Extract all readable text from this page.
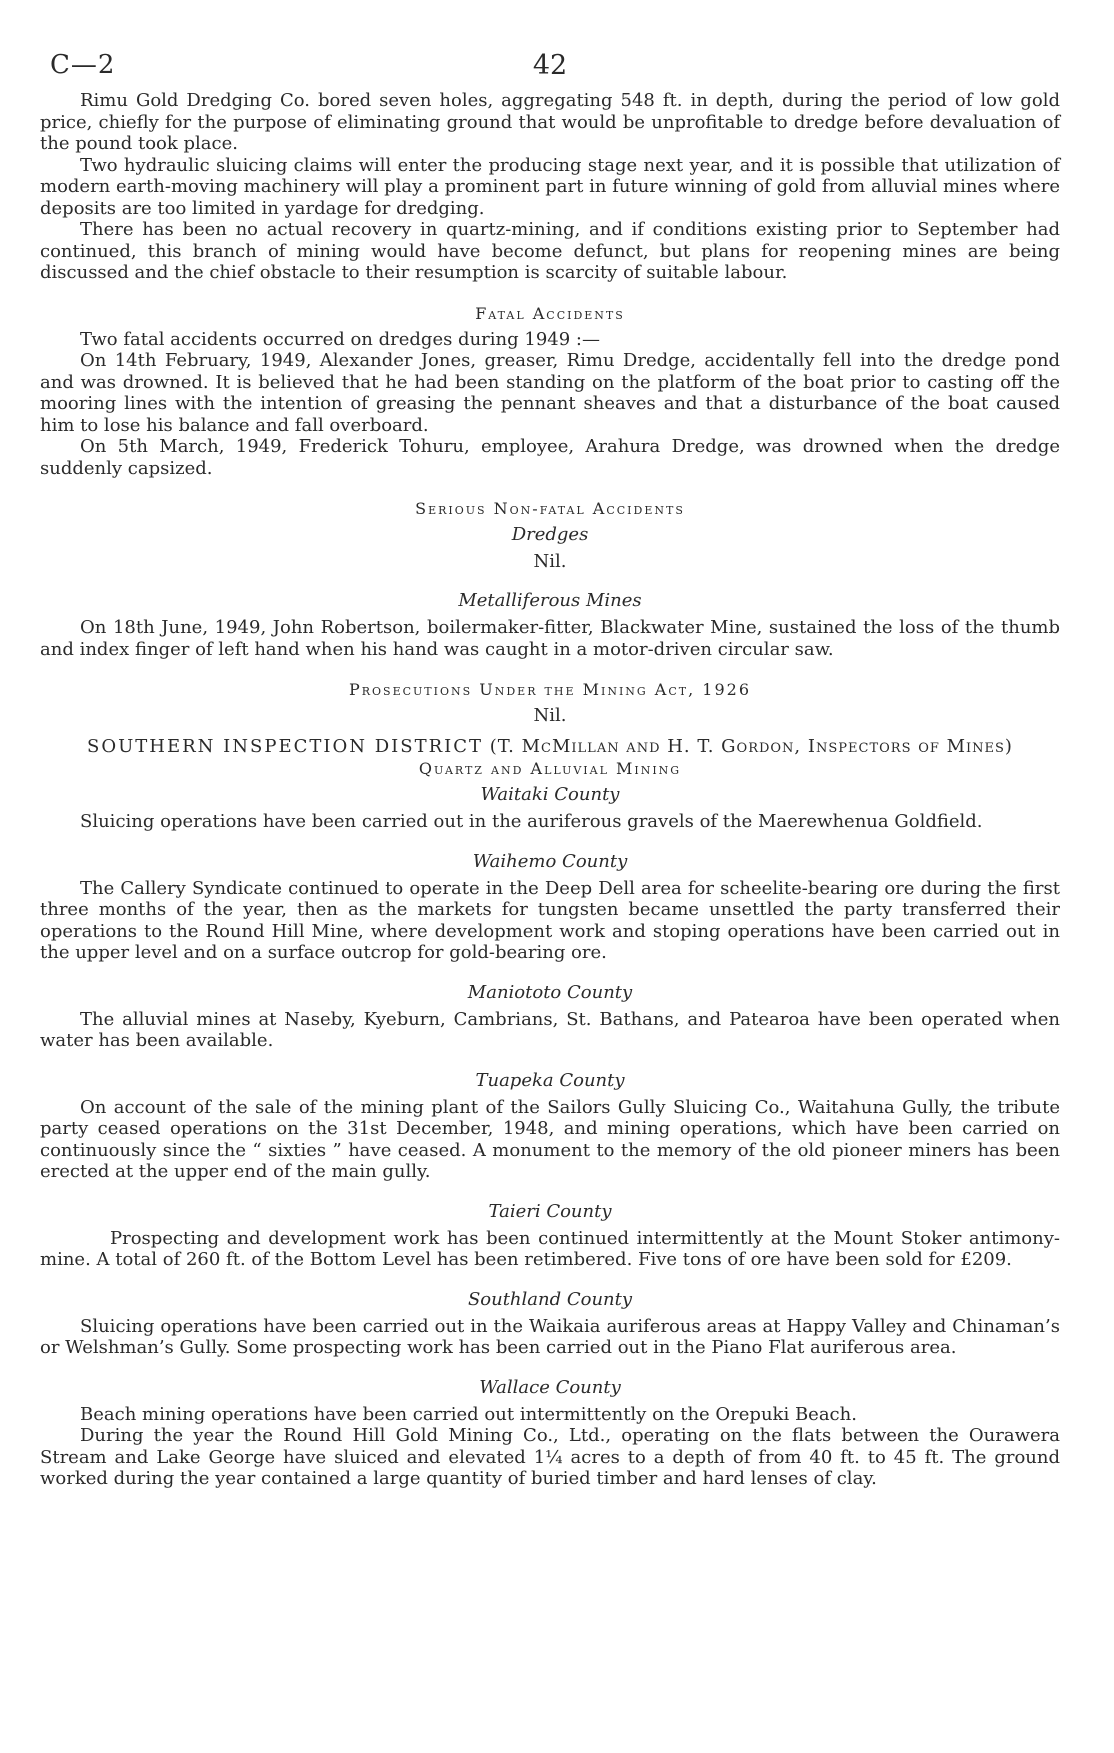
C—2	42

Rimu Gold Dredging Co. bored seven holes, aggregating 548 ft. in depth, during the period of low gold price, chiefly for the purpose of eliminating ground that would be unprofitable to dredge before devaluation of the pound took place.

Two hydraulic sluicing claims will enter the producing stage next year, and it is possible that utilization of modern earth-moving machinery will play a prominent part in future winning of gold from alluvial mines where deposits are too limited in yardage for dredging.

There has been no actual recovery in quartz-mining, and if conditions existing prior to September had continued, this branch of mining would have become defunct, but plans for reopening mines are being discussed and the chief obstacle to their resumption is scarcity of suitable labour.

Fatal Accidents

Two fatal accidents occurred on dredges during 1949 :—

On 14th February, 1949, Alexander Jones, greaser, Rimu Dredge, accidentally fell into the dredge pond and was drowned. It is believed that he had been standing on the platform of the boat prior to casting off the mooring lines with the intention of greasing the pennant sheaves and that a disturbance of the boat caused him to lose his balance and fall overboard.

On 5th March, 1949, Frederick Tohuru, employee, Arahura Dredge, was drowned when the dredge suddenly capsized.

Serious Non-fatal Accidents
Dredges
Nil.
Metalliferous Mines

On 18th June, 1949, John Robertson, boilermaker-fitter, Blackwater Mine, sustained the loss of the thumb and index finger of left hand when his hand was caught in a motor-driven circular saw.

Prosecutions Under the Mining Act, 1926
Nil.
SOUTHERN INSPECTION DISTRICT (T. McMillan and H. T. Gordon, Inspectors of Mines)
Quartz and Alluvial Mining
Waitaki County

Sluicing operations have been carried out in the auriferous gravels of the Maerewhenua Goldfield.

Waihemo County

The Callery Syndicate continued to operate in the Deep Dell area for scheelite-bearing ore during the first three months of the year, then as the markets for tungsten became unsettled the party transferred their operations to the Round Hill Mine, where development work and stoping operations have been carried out in the upper level and on a surface outcrop for gold-bearing ore.

Maniototo County

The alluvial mines at Naseby, Kyeburn, Cambrians, St. Bathans, and Patearoa have been operated when water has been available.

Tuapeka County

On account of the sale of the mining plant of the Sailors Gully Sluicing Co., Waitahuna Gully, the tribute party ceased operations on the 31st December, 1948, and mining operations, which have been carried on continuously since the “ sixties ” have ceased. A monument to the memory of the old pioneer miners has been erected at the upper end of the main gully.

Taieri County

Prospecting and development work has been continued intermittently at the Mount Stoker antimony-mine. A total of 260 ft. of the Bottom Level has been retimbered. Five tons of ore have been sold for £209.

Southland County

Sluicing operations have been carried out in the Waikaia auriferous areas at Happy Valley and Chinaman’s or Welshman’s Gully. Some prospecting work has been carried out in the Piano Flat auriferous area.

Wallace County

Beach mining operations have been carried out intermittently on the Orepuki Beach.

During the year the Round Hill Gold Mining Co., Ltd., operating on the flats between the Ourawera Stream and Lake George have sluiced and elevated 1¼ acres to a depth of from 40 ft. to 45 ft. The ground worked during the year contained a large quantity of buried timber and hard lenses of clay.
